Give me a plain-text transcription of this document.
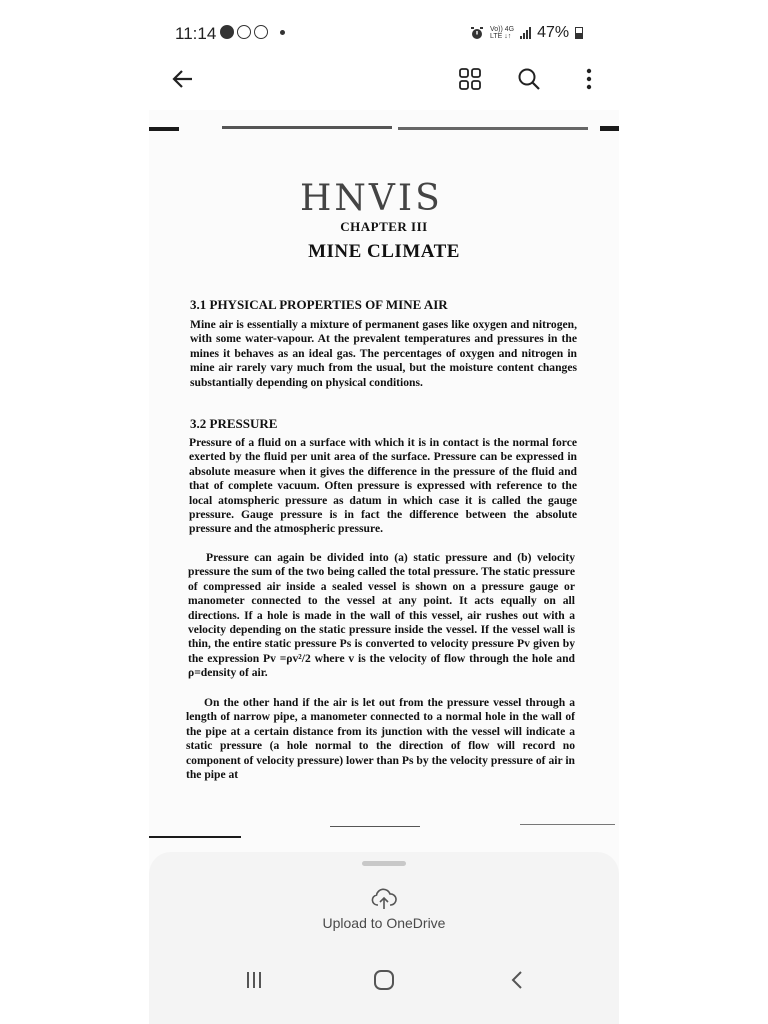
11:14	Vo)) 4G
LTE ↓↑ 47%
HNVIS
CHAPTER III
MINE CLIMATE
3.1 PHYSICAL PROPERTIES OF MINE AIR

Mine air is essentially a mixture of permanent gases like oxygen and nitrogen, with some water-vapour. At the prevalent temperatures and pressures in the mines it behaves as an ideal gas. The percentages of oxygen and nitrogen in mine air rarely vary much from the usual, but the moisture content changes substantially depending on physical conditions.

3.2 PRESSURE

Pressure of a fluid on a surface with which it is in contact is the normal force exerted by the fluid per unit area of the surface. Pressure can be expressed in absolute measure when it gives the difference in the pressure of the fluid and that of complete vacuum. Often pressure is expressed with reference to the local atomspheric pressure as datum in which case it is called the gauge pressure. Gauge pressure is in fact the difference between the absolute pressure and the atmospheric pressure.

Pressure can again be divided into (a) static pressure and (b) velocity pressure the sum of the two being called the total pressure. The static pressure of compressed air inside a sealed vessel is shown on a pressure gauge or manometer connected to the vessel at any point. It acts equally on all directions. If a hole is made in the wall of this vessel, air rushes out with a velocity depending on the static pressure inside the vessel. If the vessel wall is thin, the entire static pressure Ps is converted to velocity pressure Pv given by the expression Pv =ρv²/2 where v is the velocity of flow through the hole and ρ=density of air.

On the other hand if the air is let out from the pressure vessel through a length of narrow pipe, a manometer connected to a normal hole in the wall of the pipe at a certain distance from its junction with the vessel will indicate a static pressure (a hole normal to the direction of flow will record no component of velocity pressure) lower than Ps by the velocity pressure of air in the pipe at

Upload to OneDrive
